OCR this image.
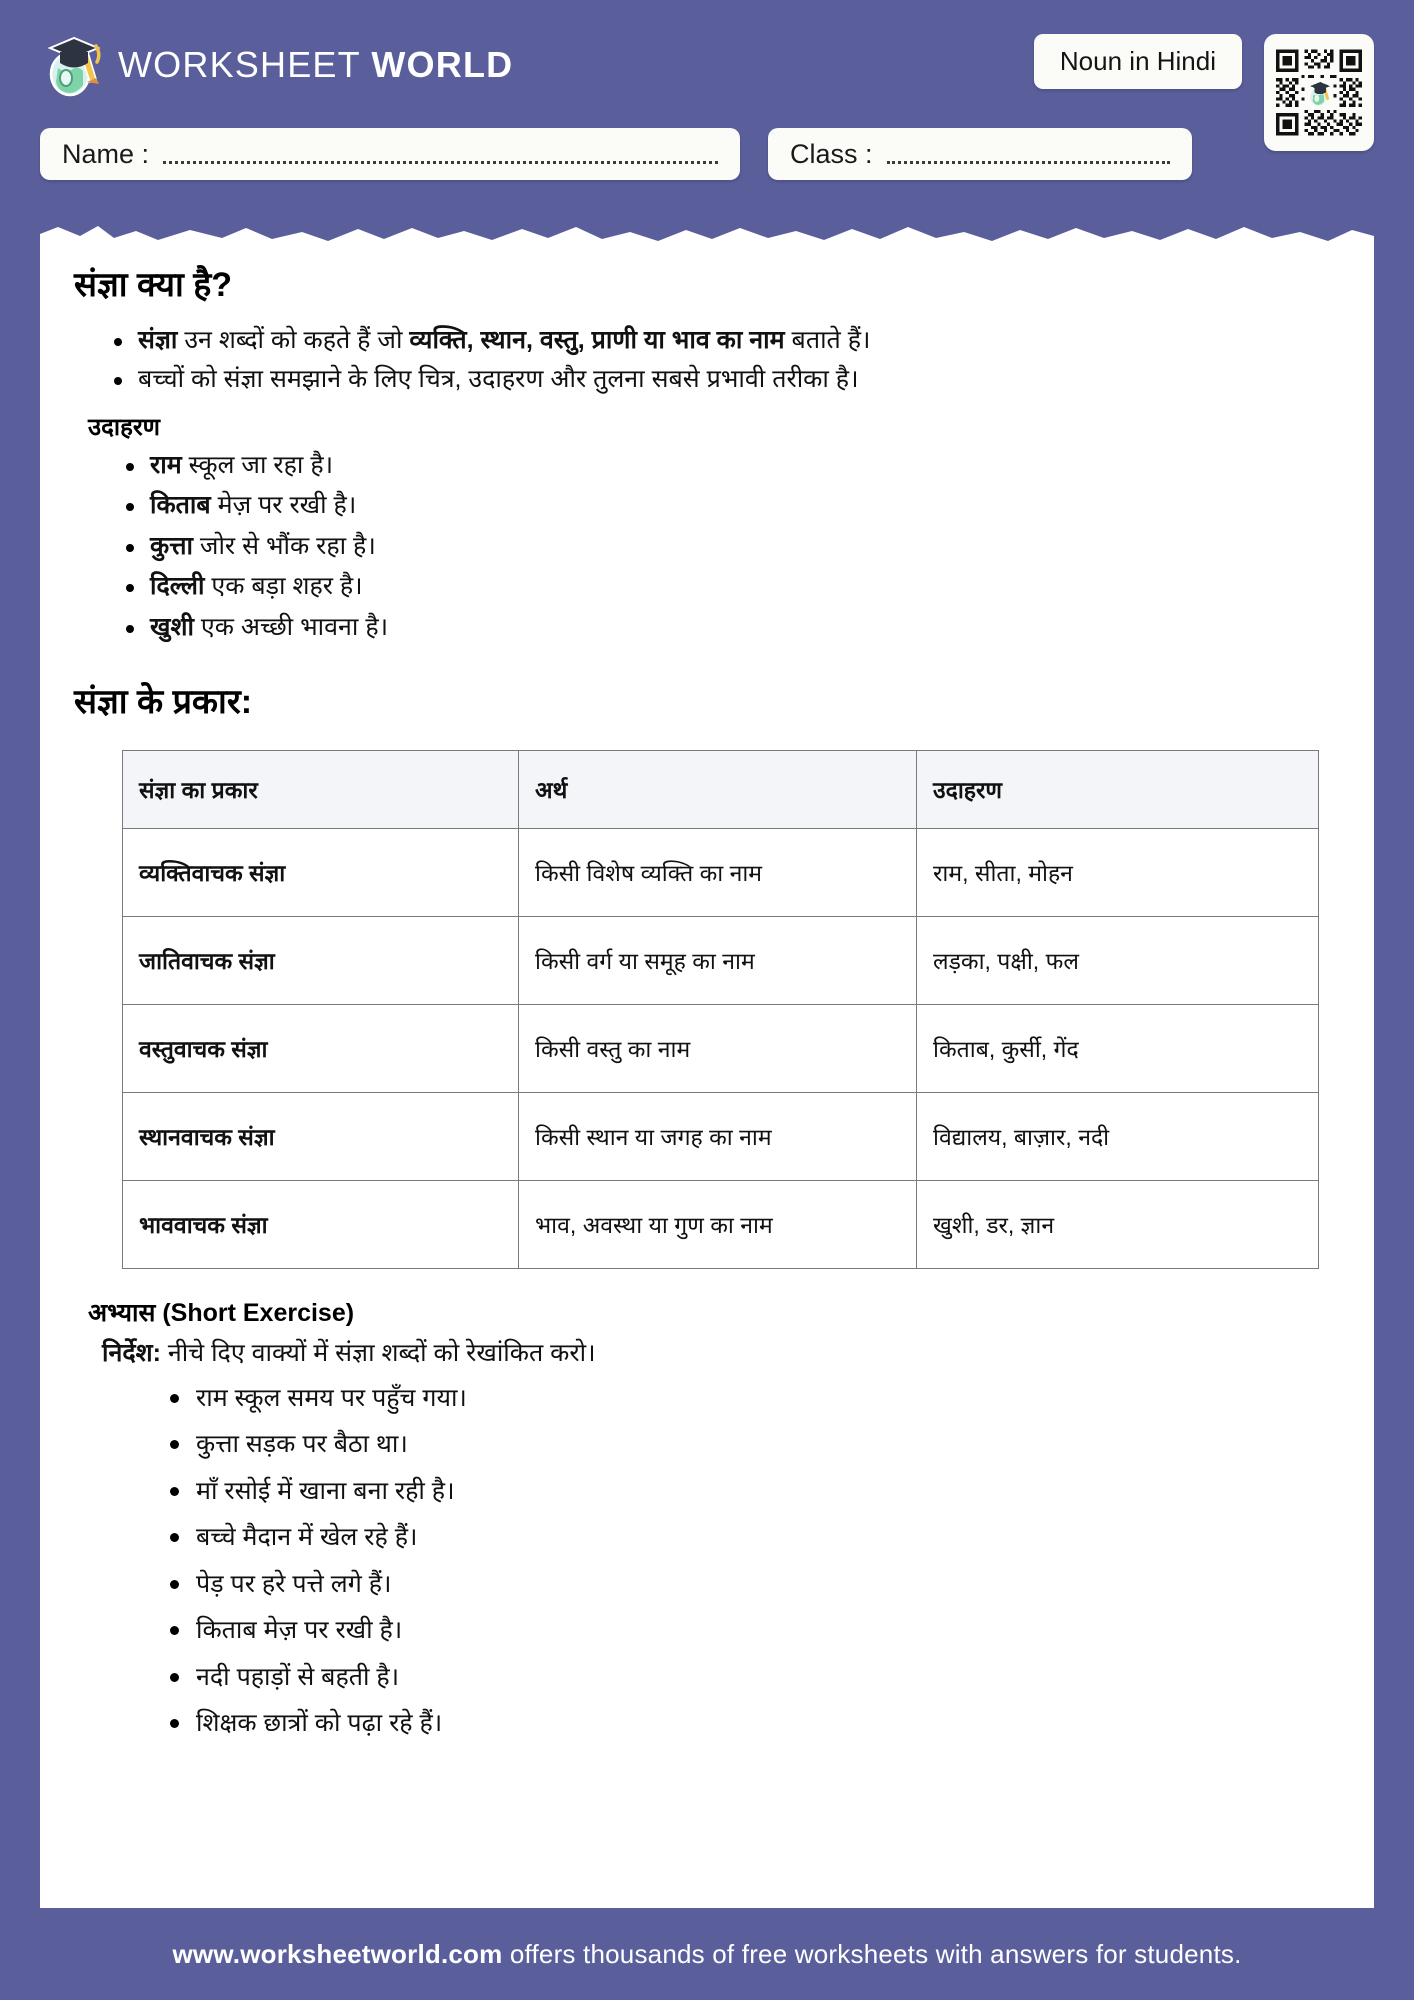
WORKSHEET WORLD	Noun in Hindi
Name :	Class :
संज्ञा क्या है?
संज्ञा उन शब्दों को कहते हैं जो व्यक्ति, स्थान, वस्तु, प्राणी या भाव का नाम बताते हैं।
बच्चों को संज्ञा समझाने के लिए चित्र, उदाहरण और तुलना सबसे प्रभावी तरीका है।
उदाहरण
राम स्कूल जा रहा है।
किताब मेज़ पर रखी है।
कुत्ता जोर से भौंक रहा है।
दिल्ली एक बड़ा शहर है।
खुशी एक अच्छी भावना है।
संज्ञा के प्रकार:
संज्ञा का प्रकार	अर्थ	उदाहरण
व्यक्तिवाचक संज्ञा	किसी विशेष व्यक्ति का नाम	राम, सीता, मोहन
जातिवाचक संज्ञा	किसी वर्ग या समूह का नाम	लड़का, पक्षी, फल
वस्तुवाचक संज्ञा	किसी वस्तु का नाम	किताब, कुर्सी, गेंद
स्थानवाचक संज्ञा	किसी स्थान या जगह का नाम	विद्यालय, बाज़ार, नदी
भाववाचक संज्ञा	भाव, अवस्था या गुण का नाम	खुशी, डर, ज्ञान
अभ्यास (Short Exercise)
निर्देश: नीचे दिए वाक्यों में संज्ञा शब्दों को रेखांकित करो।
राम स्कूल समय पर पहुँच गया।
कुत्ता सड़क पर बैठा था।
माँ रसोई में खाना बना रही है।
बच्चे मैदान में खेल रहे हैं।
पेड़ पर हरे पत्ते लगे हैं।
किताब मेज़ पर रखी है।
नदी पहाड़ों से बहती है।
शिक्षक छात्रों को पढ़ा रहे हैं।
www.worksheetworld.com offers thousands of free worksheets with answers for students.
